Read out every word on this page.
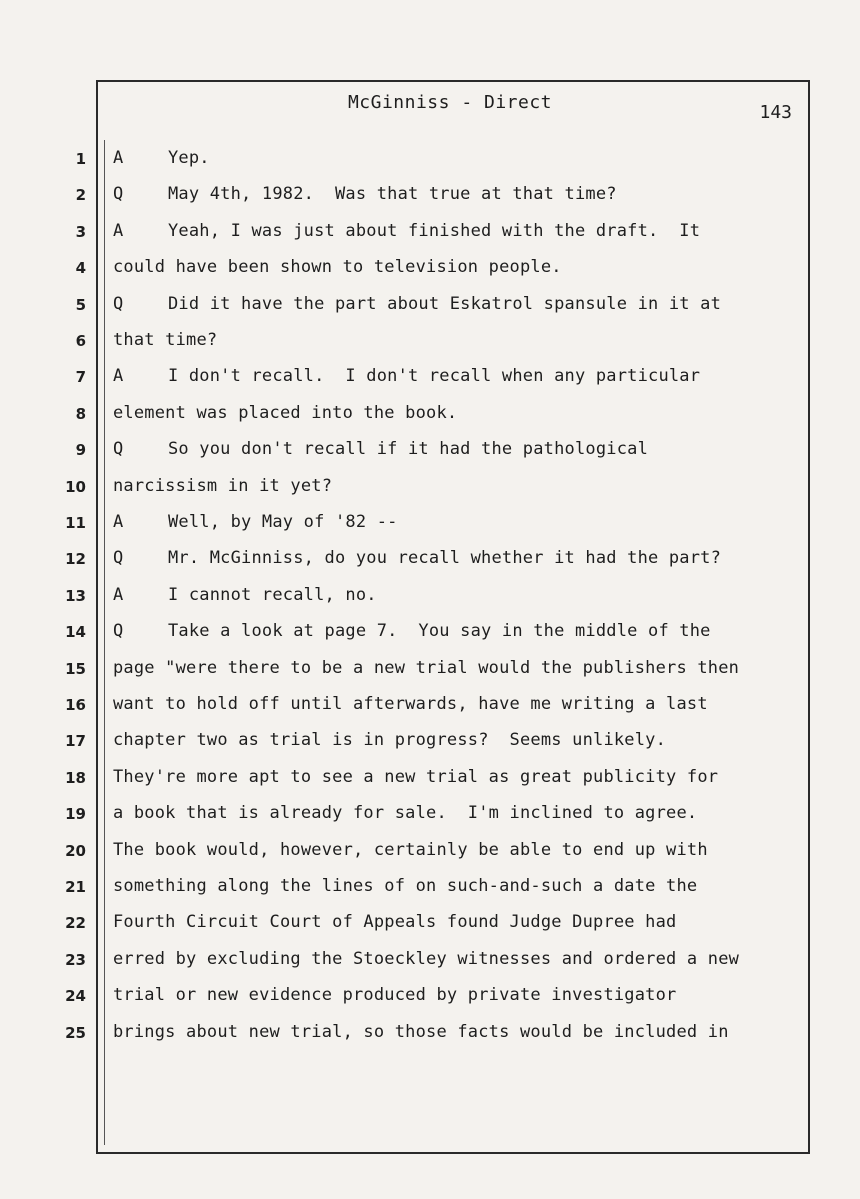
McGinniss - Direct	143
1 A	Yep.
2 Q	May 4th, 1982.  Was that true at that time?
3 A	Yeah, I was just about finished with the draft.  It
4 could have been shown to television people.
5 Q	Did it have the part about Eskatrol spansule in it at
6 that time?
7 A	I don't recall.  I don't recall when any particular
8 element was placed into the book.
9 Q	So you don't recall if it had the pathological
10 narcissism in it yet?
11 A	Well, by May of '82 --
12 Q	Mr. McGinniss, do you recall whether it had the part?
13 A	I cannot recall, no.
14 Q	Take a look at page 7.  You say in the middle of the
15 page "were there to be a new trial would the publishers then
16 want to hold off until afterwards, have me writing a last
17 chapter two as trial is in progress?  Seems unlikely.
18 They're more apt to see a new trial as great publicity for
19 a book that is already for sale.  I'm inclined to agree.
20 The book would, however, certainly be able to end up with
21 something along the lines of on such-and-such a date the
22 Fourth Circuit Court of Appeals found Judge Dupree had
23 erred by excluding the Stoeckley witnesses and ordered a new
24 trial or new evidence produced by private investigator
25 brings about new trial, so those facts would be included in
